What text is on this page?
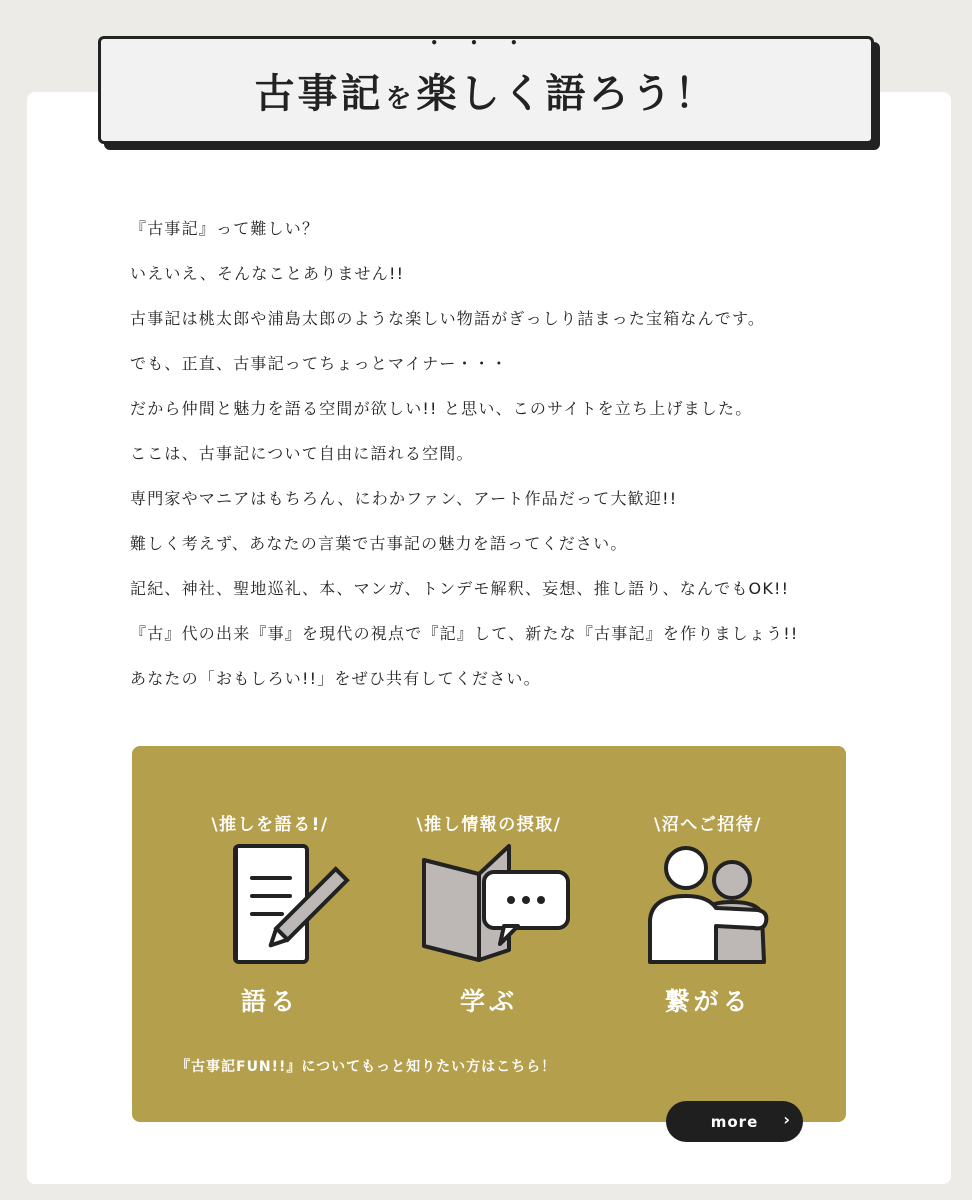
古事記 を
• • • 楽しく 語ろう！

『古事記』って難しい？

いえいえ、そんなことありません!!

古事記は桃太郎や浦島太郎のような楽しい物語がぎっしり詰まった宝箱なんです。

でも、正直、古事記ってちょっとマイナー・・・

だから仲間と魅力を語る空間が欲しい!! と思い、このサイトを立ち上げました。

ここは、古事記について自由に語れる空間。

専門家やマニアはもちろん、にわかファン、アート作品だって大歓迎!!

難しく考えず、あなたの言葉で古事記の魅力を語ってください。

記紀、神社、聖地巡礼、本、マンガ、トンデモ解釈、妄想、推し語り、なんでもOK!!

『古』代の出来『事』を現代の視点で『記』して、新たな『古事記』を作りましょう!!

あなたの「おもしろい!!」をぜひ共有してください。

\推しを語る!/
語る
\推し情報の摂取/
学ぶ
\沼へご招待/
繋がる
『古事記FUN!!』についてもっと知りたい方はこちら！
more ›
